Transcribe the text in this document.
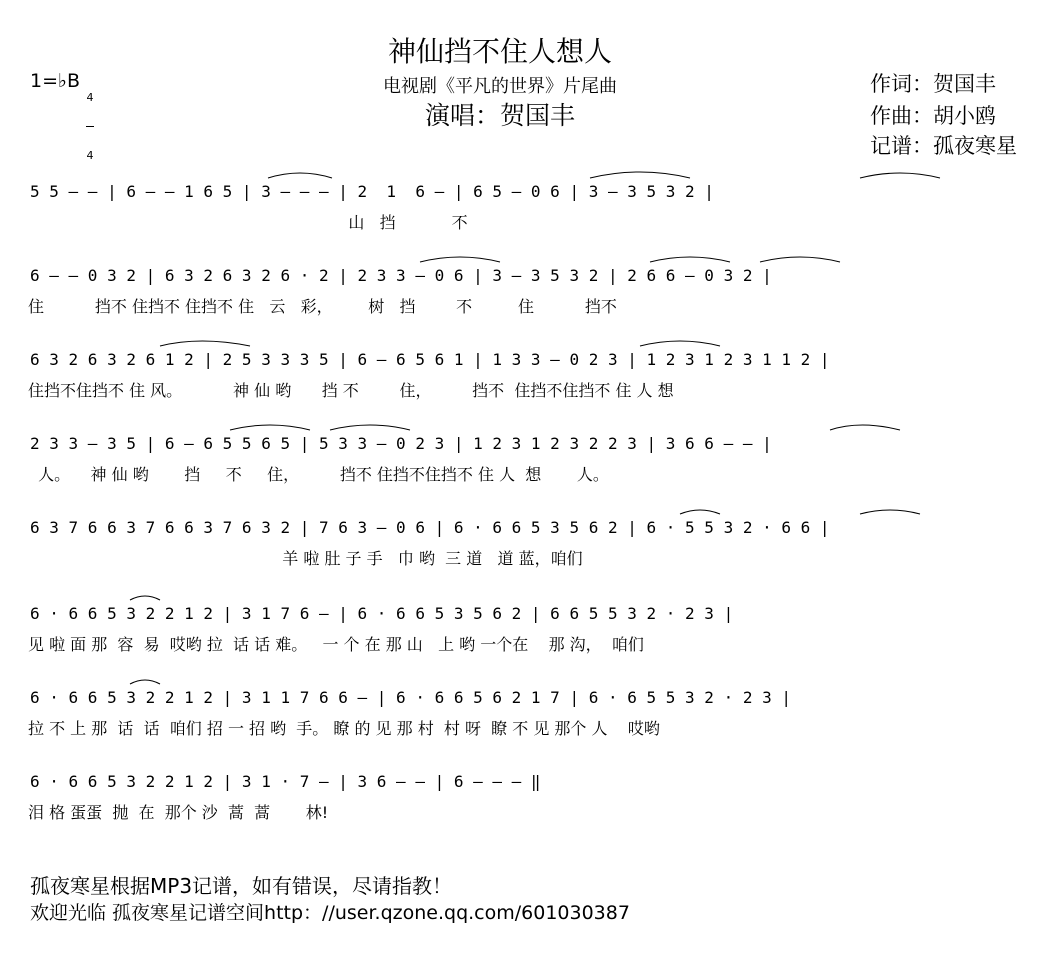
神仙挡不住人想人
电视剧《平凡的世界》片尾曲
演唱：贺国丰
1=♭B

4

4

作词：贺国丰
作曲：胡小鸥
记谱：孤夜寒星
5 5 – – | 6 – – 1 6 5 | 3 – – – | 2  1  6 – | 6 5 – 0 6 | 3 – 3 5 3 2 |
山   挡           不
6 – – 0 3 2 | 6 3 2 6 3 2 6 · 2 | 2 3 3 – 0 6 | 3 – 3 5 3 2 | 2 6 6 – 0 3 2 |
住          挡不 住挡不 住挡不 住   云   彩，       树   挡        不         住          挡不
6 3 2 6 3 2 6 1 2 | 2 5 3 3 3 5 | 6 – 6 5 6 1 | 1 3 3 – 0 2 3 | 1 2 3 1 2 3 1 1 2 |
住挡不住挡不 住 风。          神 仙 哟      挡 不        住，        挡不  住挡不住挡不 住 人 想
2 3 3 – 3 5 | 6 – 6 5 5 6 5 | 5 3 3 – 0 2 3 | 1 2 3 1 2 3 2 2 3 | 3 6 6 – – |
人。    神 仙 哟       挡     不     住，        挡不 住挡不住挡不 住 人  想       人。
6 3 7 6 6 3 7 6 6 3 7 6 3 2 | 7 6 3 – 0 6 | 6 · 6 6 5 3 5 6 2 | 6 · 5 5 3 2 · 6 6 |
羊 啦 肚 子 手   巾 哟  三 道   道 蓝，咱们
6 · 6 6 5 3 2 2 1 2 | 3 1 7 6 – | 6 · 6 6 5 3 5 6 2 | 6 6 5 5 3 2 · 2 3 |
见 啦 面 那  容  易  哎哟 拉  话 话 难。   一 个 在 那 山   上 哟 一个在    那 沟，  咱们
6 · 6 6 5 3 2 2 1 2 | 3 1 1 7 6 6 – | 6 · 6 6 5 6 2 1 7 | 6 · 6 5 5 3 2 · 2 3 |
拉 不 上 那  话  话  咱们 招 一 招 哟  手。 瞭 的 见 那 村  村 呀  瞭 不 见 那个 人    哎哟
6 · 6 6 5 3 2 2 1 2 | 3 1 · 7 – | 3 6 – – | 6 – – – ‖
泪 格 蛋蛋  抛  在  那个 沙  蒿  蒿       林!
孤夜寒星根据MP3记谱，如有错误，尽请指教！
欢迎光临 孤夜寒星记谱空间http：//user.qzone.qq.com/601030387
